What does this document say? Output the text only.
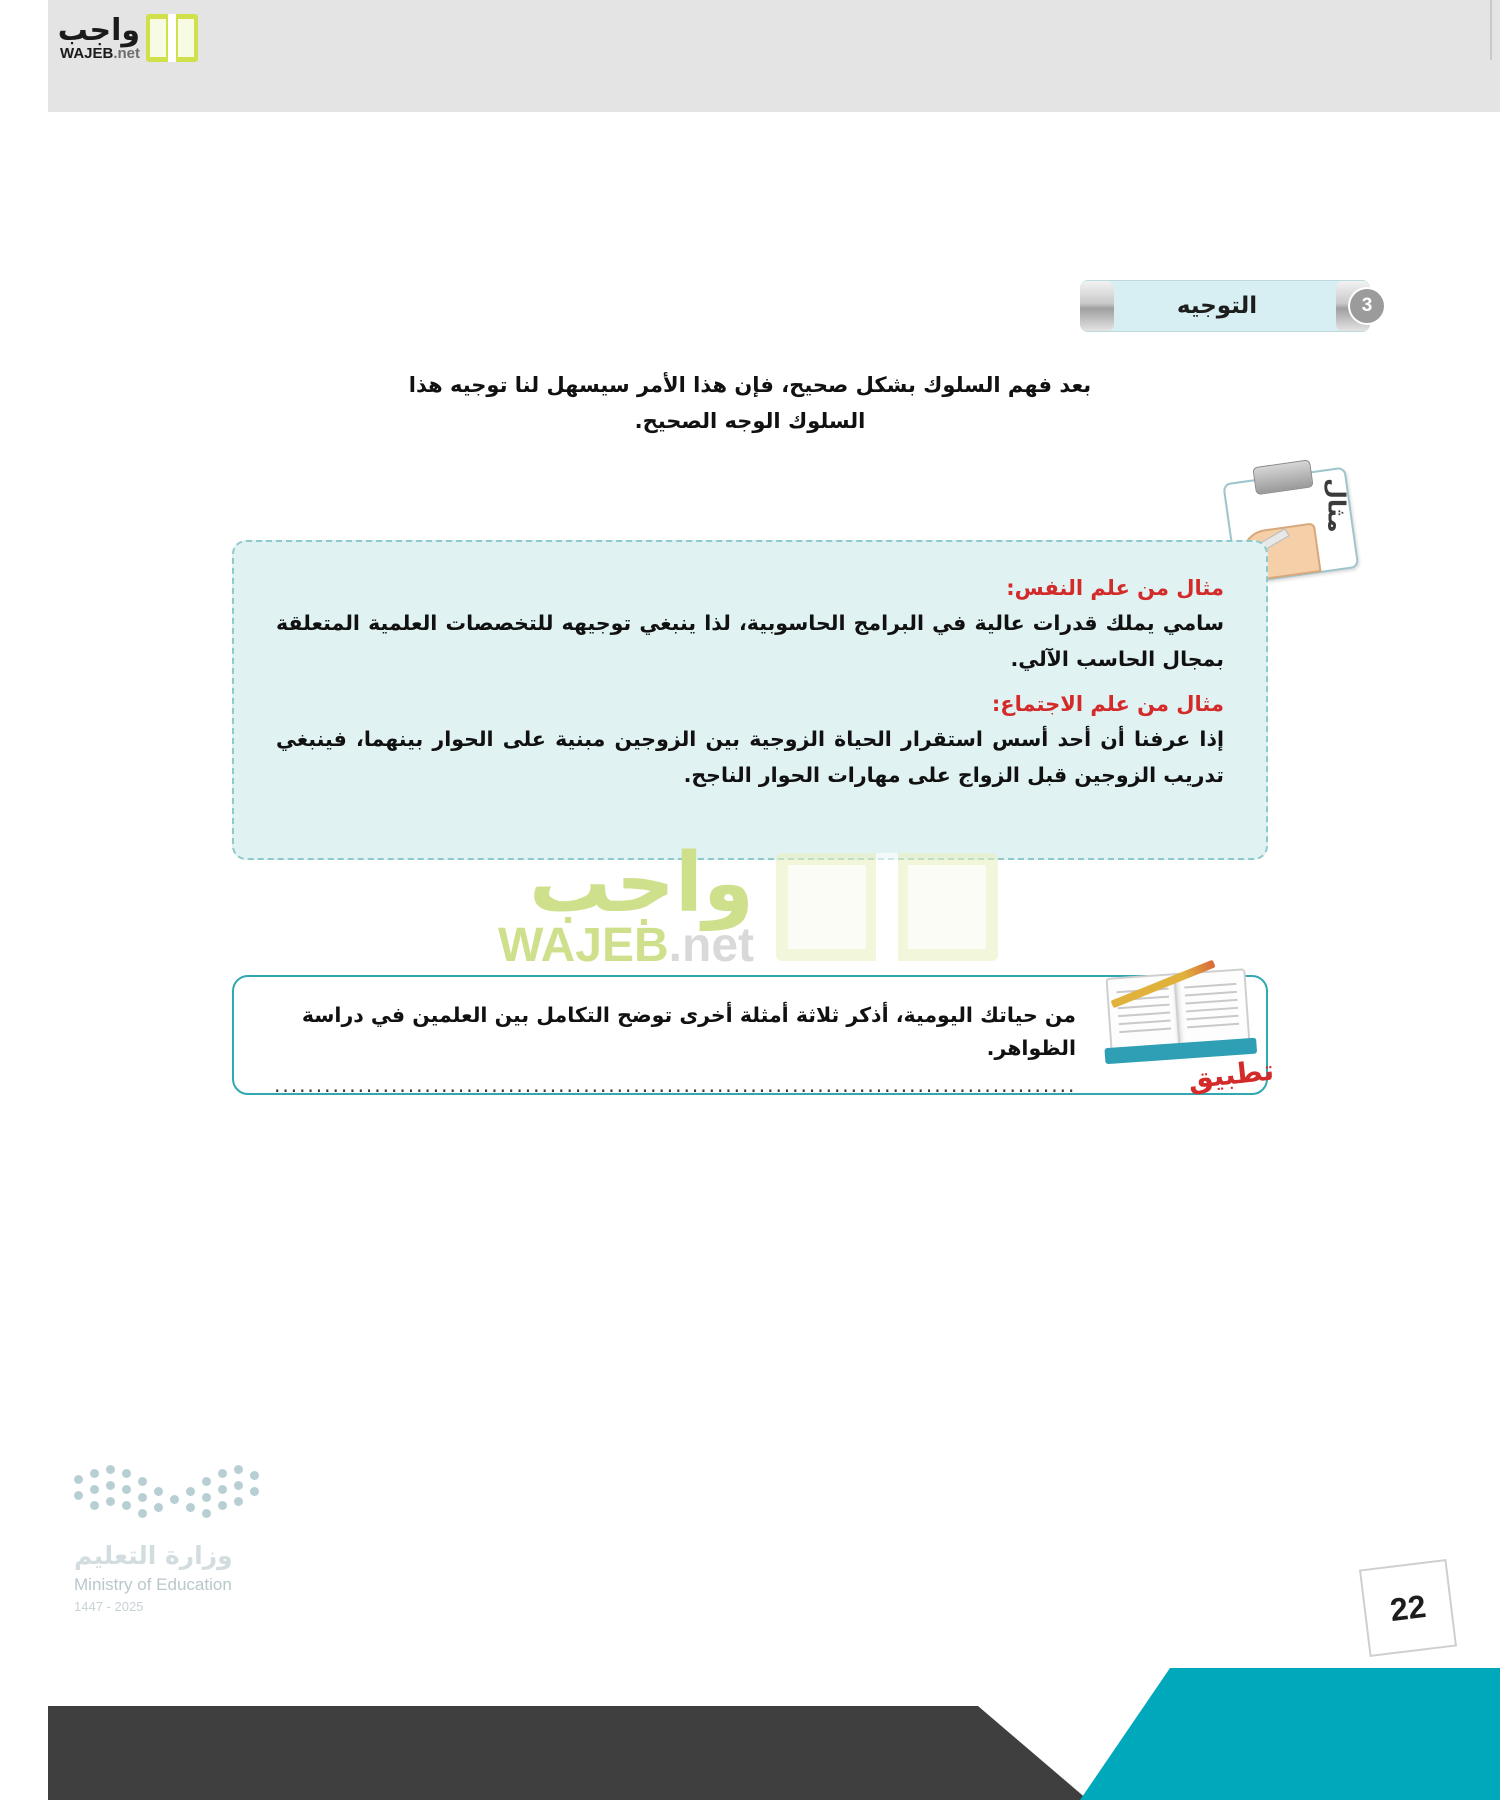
واجب
WAJEB.net
التوجيه	3
بعد فهم السلوك بشكل صحيح، فإن هذا الأمر سيسهل لنا توجيه هذا السلوك الوجه الصحيح.
مثال
مثال من علم النفس:
سامي يملك قدرات عالية في البرامج الحاسوبية، لذا ينبغي توجيهه للتخصصات العلمية المتعلقة بمجال الحاسب الآلي.
مثال من علم الاجتماع:
إذا عرفنا أن أحد أسس استقرار الحياة الزوجية بين الزوجين مبنية على الحوار بينهما، فينبغي تدريب الزوجين قبل الزواج على مهارات الحوار الناجح.
واجب
WAJEB.net
من حياتك اليومية، أذكر ثلاثة أمثلة أخرى توضح التكامل بين العلمين في دراسة الظواهر.
................................................................................................	تطبيق
وزارة التعليم
Ministry of Education
2025 - 1447	22
